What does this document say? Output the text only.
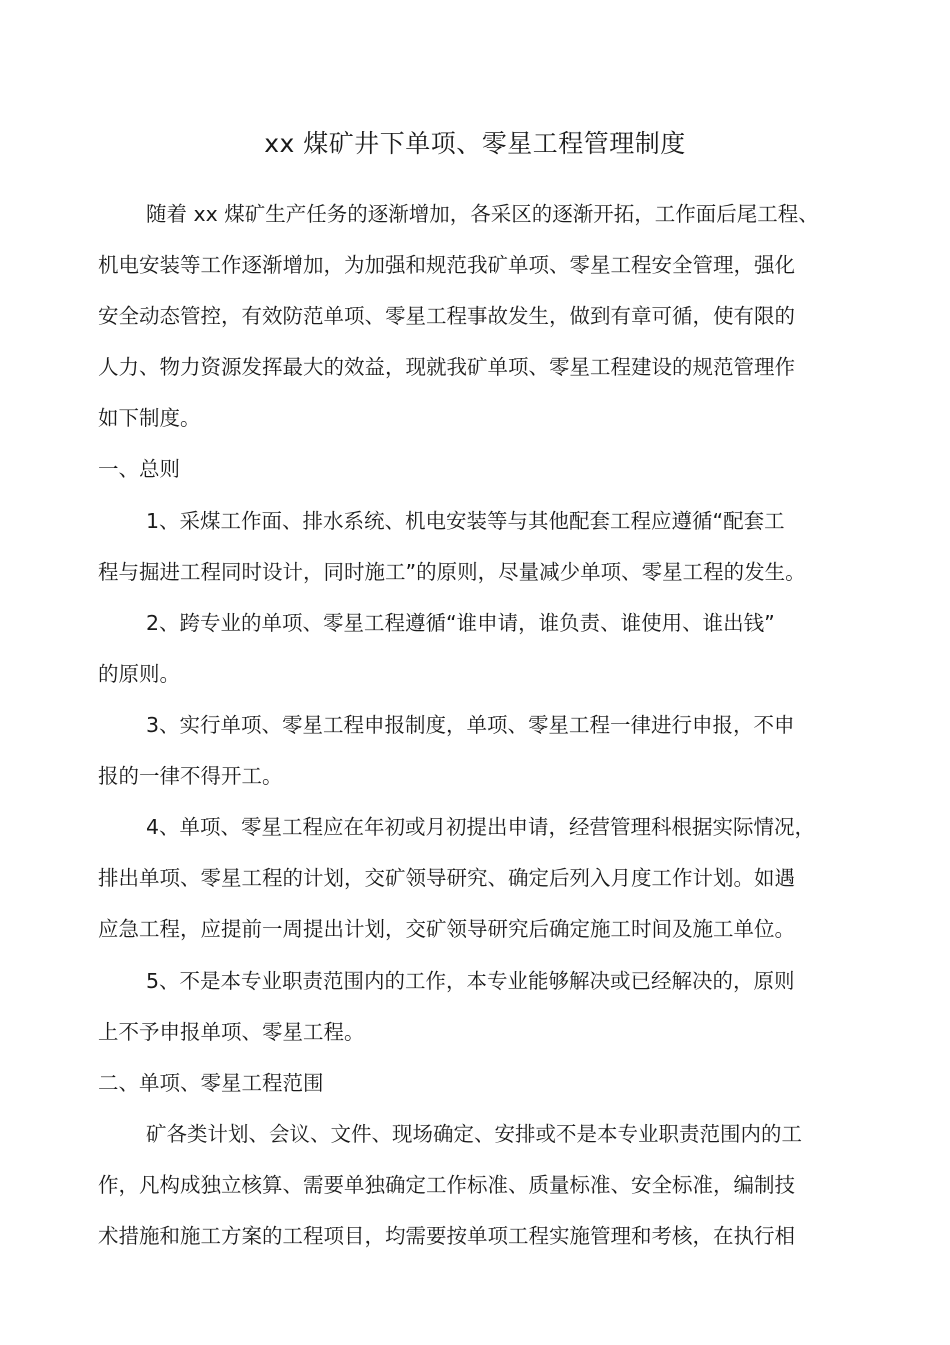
xx 煤矿井下单项、零星工程管理制度
随着 xx 煤矿生产任务的逐渐增加，各采区的逐渐开拓，工作面后尾工程、
机电安装等工作逐渐增加，为加强和规范我矿单项、零星工程安全管理，强化
安全动态管控，有效防范单项、零星工程事故发生，做到有章可循，使有限的
人力、物力资源发挥最大的效益，现就我矿单项、零星工程建设的规范管理作
如下制度。
一、总则
1、采煤工作面、排水系统、机电安装等与其他配套工程应遵循“配套工
程与掘进工程同时设计，同时施工”的原则，尽量减少单项、零星工程的发生。
2、跨专业的单项、零星工程遵循“谁申请，谁负责、谁使用、谁出钱”
的原则。
3、实行单项、零星工程申报制度，单项、零星工程一律进行申报，不申
报的一律不得开工。
4、单项、零星工程应在年初或月初提出申请，经营管理科根据实际情况，
排出单项、零星工程的计划，交矿领导研究、确定后列入月度工作计划。如遇
应急工程，应提前一周提出计划，交矿领导研究后确定施工时间及施工单位。
5、不是本专业职责范围内的工作，本专业能够解决或已经解决的，原则
上不予申报单项、零星工程。
二、单项、零星工程范围
矿各类计划、会议、文件、现场确定、安排或不是本专业职责范围内的工
作，凡构成独立核算、需要单独确定工作标准、质量标准、安全标准，编制技
术措施和施工方案的工程项目，均需要按单项工程实施管理和考核，在执行相
